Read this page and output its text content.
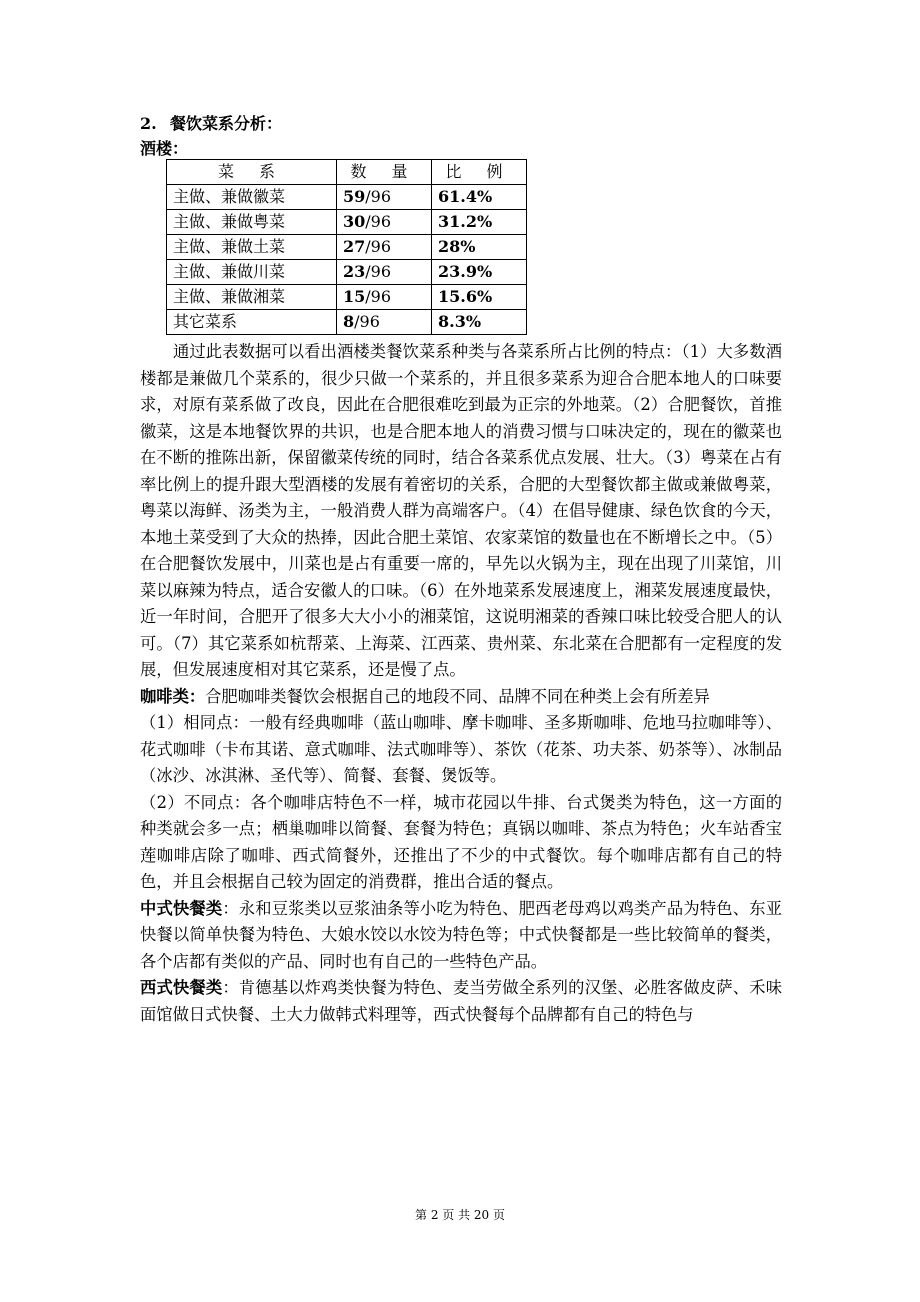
2. 餐饮菜系分析：
酒楼：
菜 系	数 量	比 例
主做、兼做徽菜	59/96	61.4%
主做、兼做粤菜	30/96	31.2%
主做、兼做土菜	27/96	28%
主做、兼做川菜	23/96	23.9%
主做、兼做湘菜	15/96	15.6%
其它菜系	8/96	8.3%

通过此表数据可以看出酒楼类餐饮菜系种类与各菜系所占比例的特点：（1）大多数酒楼都是兼做几个菜系的，很少只做一个菜系的，并且很多菜系为迎合合肥本地人的口味要求，对原有菜系做了改良，因此在合肥很难吃到最为正宗的外地菜。（2）合肥餐饮，首推徽菜，这是本地餐饮界的共识，也是合肥本地人的消费习惯与口味决定的，现在的徽菜也在不断的推陈出新，保留徽菜传统的同时，结合各菜系优点发展、壮大。（3）粤菜在占有率比例上的提升跟大型酒楼的发展有着密切的关系，合肥的大型餐饮都主做或兼做粤菜，粤菜以海鲜、汤类为主，一般消费人群为高端客户。（4）在倡导健康、绿色饮食的今天，本地土菜受到了大众的热捧，因此合肥土菜馆、农家菜馆的数量也在不断增长之中。（5）在合肥餐饮发展中，川菜也是占有重要一席的，早先以火锅为主，现在出现了川菜馆，川菜以麻辣为特点，适合安徽人的口味。（6）在外地菜系发展速度上，湘菜发展速度最快，近一年时间，合肥开了很多大大小小的湘菜馆，这说明湘菜的香辣口味比较受合肥人的认可。（7）其它菜系如杭帮菜、上海菜、江西菜、贵州菜、东北菜在合肥都有一定程度的发展，但发展速度相对其它菜系，还是慢了点。

咖啡类：合肥咖啡类餐饮会根据自己的地段不同、品牌不同在种类上会有所差异

（1）相同点：一般有经典咖啡（蓝山咖啡、摩卡咖啡、圣多斯咖啡、危地马拉咖啡等）、花式咖啡（卡布其诺、意式咖啡、法式咖啡等）、茶饮（花茶、功夫茶、奶茶等）、冰制品（冰沙、冰淇淋、圣代等）、简餐、套餐、煲饭等。

（2）不同点：各个咖啡店特色不一样，城市花园以牛排、台式煲类为特色，这一方面的种类就会多一点；栖巢咖啡以简餐、套餐为特色；真锅以咖啡、茶点为特色；火车站香宝莲咖啡店除了咖啡、西式简餐外，还推出了不少的中式餐饮。每个咖啡店都有自己的特色，并且会根据自己较为固定的消费群，推出合适的餐点。

中式快餐类：永和豆浆类以豆浆油条等小吃为特色、肥西老母鸡以鸡类产品为特色、东亚快餐以简单快餐为特色、大娘水饺以水饺为特色等；中式快餐都是一些比较简单的餐类，各个店都有类似的产品、同时也有自己的一些特色产品。

西式快餐类：肯德基以炸鸡类快餐为特色、麦当劳做全系列的汉堡、必胜客做皮萨、禾味面馆做日式快餐、土大力做韩式料理等，西式快餐每个品牌都有自己的特色与

第 2 页 共 20 页
